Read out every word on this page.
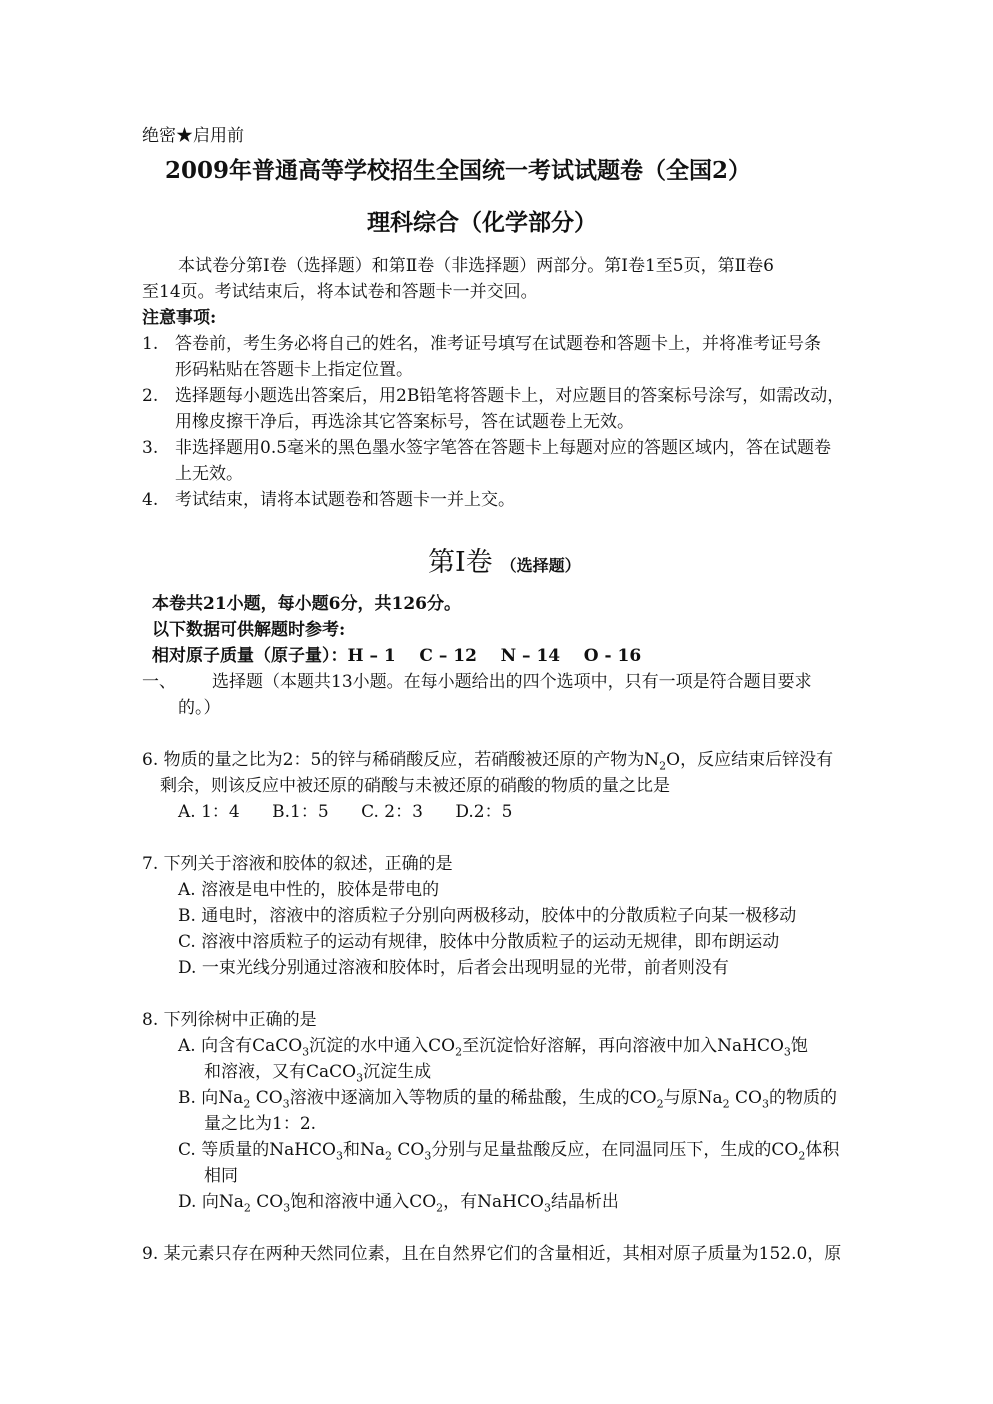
绝密★启用前
2009年普通高等学校招生全国统一考试试题卷（全国2）
理科综合（化学部分）
本试卷分第Ⅰ卷（选择题）和第Ⅱ卷（非选择题）两部分。第Ⅰ卷1至5页，第Ⅱ卷6
至14页。考试结束后，将本试卷和答题卡一并交回。
注意事项:
1. 答卷前，考生务必将自己的姓名，准考证号填写在试题卷和答题卡上，并将准考证号条
形码粘贴在答题卡上指定位置。
2. 选择题每小题选出答案后，用2B铅笔将答题卡上，对应题目的答案标号涂写，如需改动，
用橡皮擦干净后，再选涂其它答案标号，答在试题卷上无效。
3. 非选择题用0.5毫米的黑色墨水签字笔答在答题卡上每题对应的答题区域内，答在试题卷
上无效。
4. 考试结束，请将本试题卷和答题卡一并上交。
第Ⅰ卷 （选择题）
本卷共21小题，每小题6分，共126分。
以下数据可供解题时参考:
相对原子质量（原子量）：H – 1    C – 12    N – 14    O - 16
一、 选择题（本题共13小题。在每小题给出的四个选项中，只有一项是符合题目要求
的。）
6. 物质的量之比为2：5的锌与稀硝酸反应，若硝酸被还原的产物为$N_2O$，反应结束后锌没有
剩余，则该反应中被还原的硝酸与未被还原的硝酸的物质的量之比是
A. 1：4      B.1：5      C. 2：3      D.2：5
7. 下列关于溶液和胶体的叙述，正确的是
A. 溶液是电中性的，胶体是带电的
B. 通电时，溶液中的溶质粒子分别向两极移动，胶体中的分散质粒子向某一极移动
C. 溶液中溶质粒子的运动有规律，胶体中分散质粒子的运动无规律，即布朗运动
D. 一束光线分别通过溶液和胶体时，后者会出现明显的光带，前者则没有
8. 下列徐树中正确的是
A. 向含有CaCO$_3$沉淀的水中通入$CO_2$至沉淀恰好溶解，再向溶液中加入NaHCO$_3$饱
和溶液，又有CaCO$_3$沉淀生成
B. 向$Na_2$ $CO_3$溶液中逐滴加入等物质的量的稀盐酸，生成的$CO_2$与原$Na_2$ $CO_3$的物质的
量之比为1：2.
C. 等质量的NaHCO$_3$和$Na_2$ $CO_3$分别与足量盐酸反应，在同温同压下，生成的$CO_2$体积
相同
D. 向$Na_2$ $CO_3$饱和溶液中通入$CO_2$，有NaHCO$_3$结晶析出
9. 某元素只存在两种天然同位素，且在自然界它们的含量相近，其相对原子质量为152.0，原
